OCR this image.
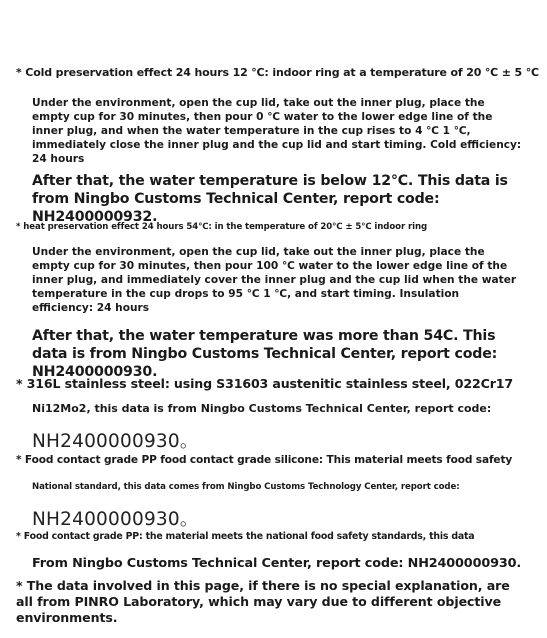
* Cold preservation effect 24 hours 12 ℃: indoor ring at a temperature of 20 ℃ ± 5 ℃
Under the environment, open the cup lid, take out the inner plug, place the empty cup for 30 minutes, then pour 0 ℃ water to the lower edge line of the inner plug, and when the water temperature in the cup rises to 4 ℃ 1 ℃, immediately close the inner plug and the cup lid and start timing. Cold efficiency: 24 hours
After that, the water temperature is below 12℃. This data is from Ningbo Customs Technical Center, report code: NH2400000932.
* heat preservation effect 24 hours 54℃: in the temperature of 20℃ ± 5℃ indoor ring
Under the environment, open the cup lid, take out the inner plug, place the empty cup for 30 minutes, then pour 100 ℃ water to the lower edge line of the inner plug, and immediately cover the inner plug and the cup lid when the water temperature in the cup drops to 95 ℃ 1 ℃, and start timing. Insulation efficiency: 24 hours
After that, the water temperature was more than 54C. This data is from Ningbo Customs Technical Center, report code: NH2400000930.
* 316L stainless steel: using S31603 austenitic stainless steel, 022Cr17
Ni12Mo2, this data is from Ningbo Customs Technical Center, report code:
NH2400000930。
* Food contact grade PP food contact grade silicone: This material meets food safety
National standard, this data comes from Ningbo Customs Technology Center, report code:
NH2400000930。
* Food contact grade PP: the material meets the national food safety standards, this data
From Ningbo Customs Technical Center, report code: NH2400000930.
* The data involved in this page, if there is no special explanation, are all from PINRO Laboratory, which may vary due to different objective environments.
